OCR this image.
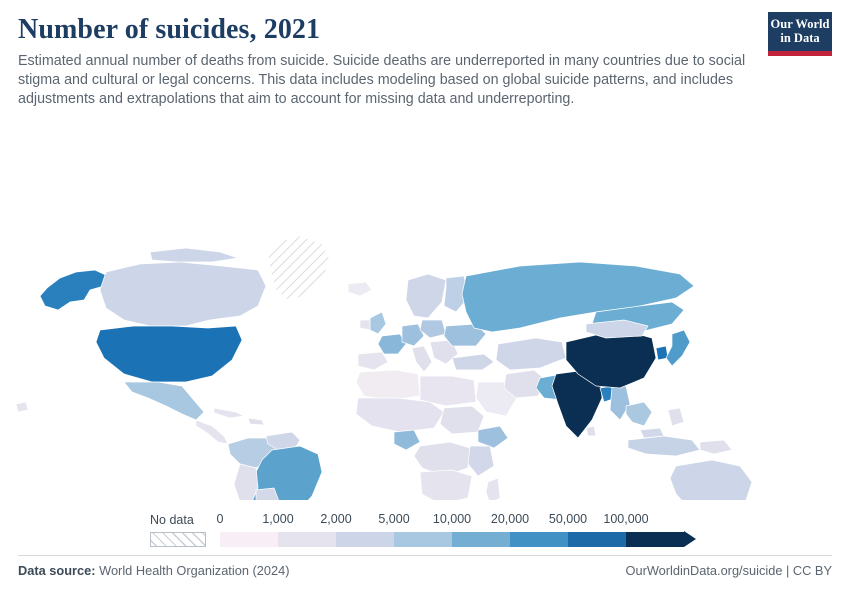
Number of suicides, 2021

Estimated annual number of deaths from suicide. Suicide deaths are underreported in many countries due to social stigma and cultural or legal concerns. This data includes modeling based on global suicide patterns, and includes adjustments and extrapolations that aim to account for missing data and underreporting.

Our World
in Data
No data 0	1,000 2,000 5,000 10,000 20,000 50,000 100,000
Data source: World Health Organization (2024)	OurWorldinData.org/suicide | CC BY
